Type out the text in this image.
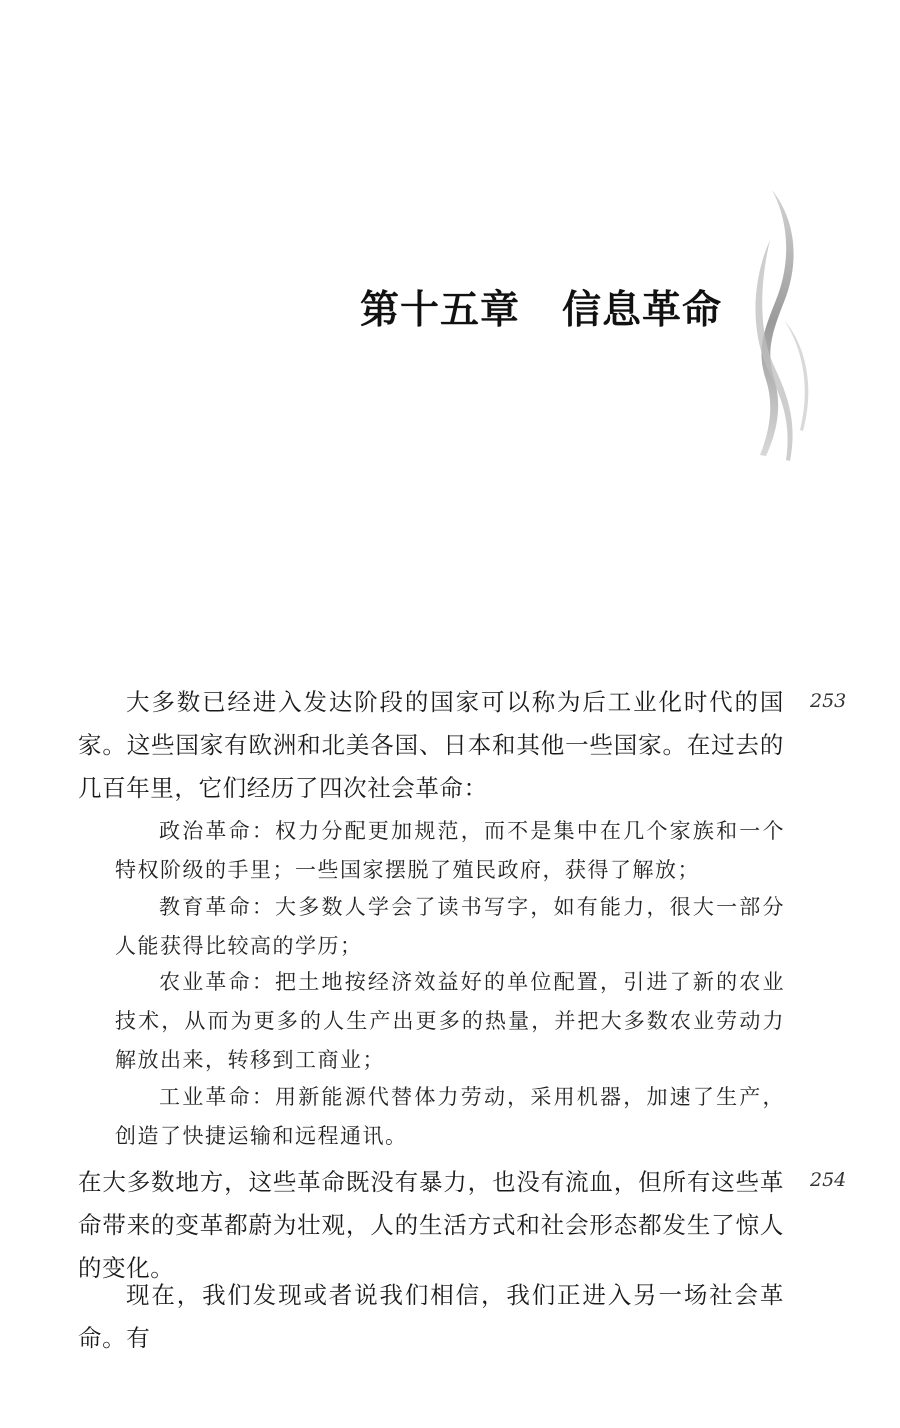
第十五章 信息革命

大多数已经进入发达阶段的国家可以称为后工业化时代的国家。这些国家有欧洲和北美各国、日本和其他一些国家。在过去的几百年里，它们经历了四次社会革命：

253

政治革命：权力分配更加规范，而不是集中在几个家族和一个特权阶级的手里；一些国家摆脱了殖民政府，获得了解放；

教育革命：大多数人学会了读书写字，如有能力，很大一部分人能获得比较高的学历；

农业革命：把土地按经济效益好的单位配置，引进了新的农业技术，从而为更多的人生产出更多的热量，并把大多数农业劳动力解放出来，转移到工商业；

工业革命：用新能源代替体力劳动，采用机器，加速了生产，创造了快捷运输和远程通讯。

在大多数地方，这些革命既没有暴力，也没有流血，但所有这些革命带来的变革都蔚为壮观，人的生活方式和社会形态都发生了惊人的变化。

254

现在，我们发现或者说我们相信，我们正进入另一场社会革命。有
